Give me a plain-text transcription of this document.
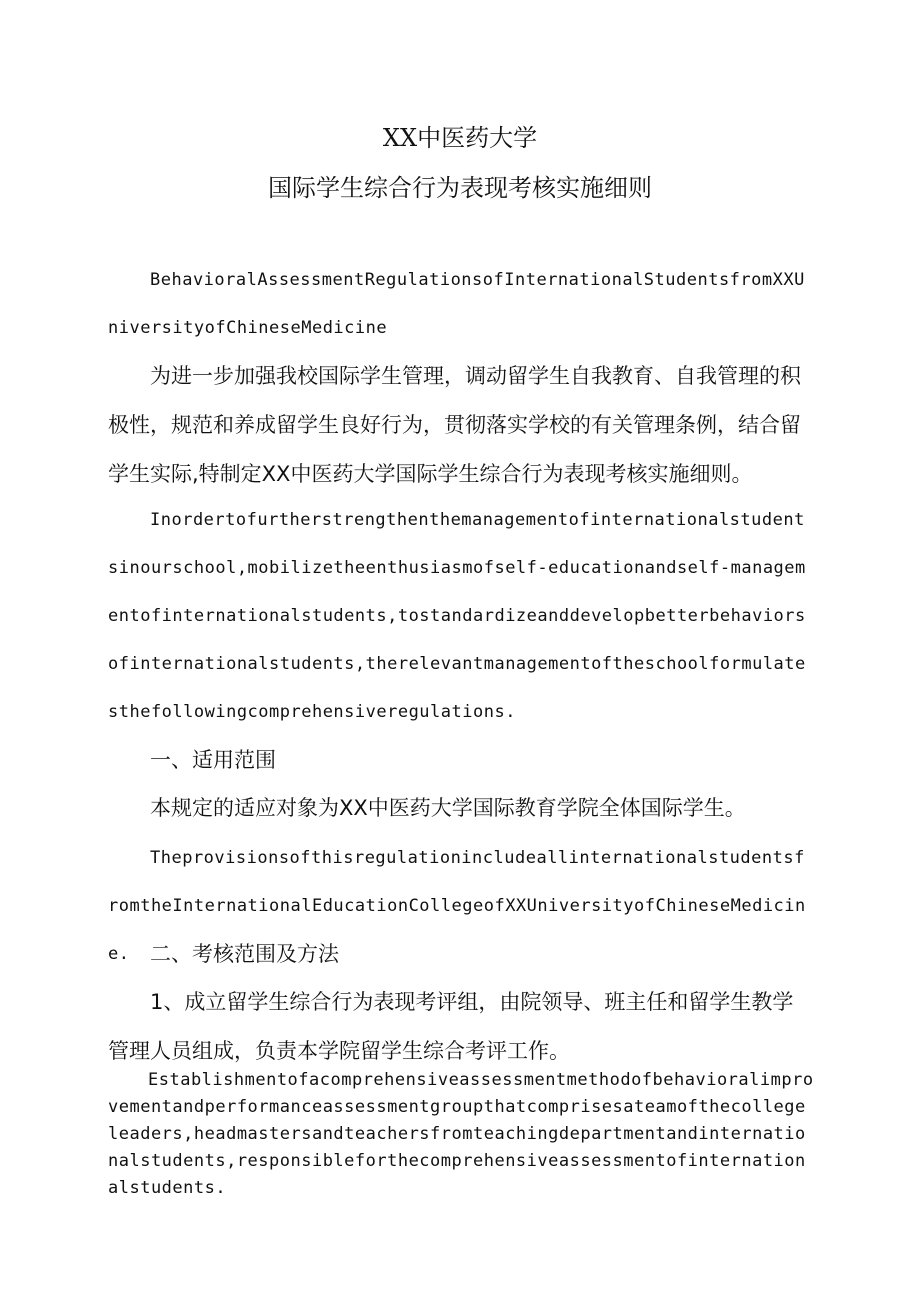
XX中医药大学
国际学生综合行为表现考核实施细则

BehavioralAssessmentRegulationsofInternationalStudentsfromXXUniversityofChineseMedicine

为进一步加强我校国际学生管理，调动留学生自我教育、自我管理的积极性，规范和养成留学生良好行为，贯彻落实学校的有关管理条例，结合留学生实际,特制定XX中医药大学国际学生综合行为表现考核实施细则。

Inordertofurtherstrengthenthemanagementofinternationalstudentsinourschool,mobilizetheenthusiasmofself-educationandself-managementofinternationalstudents,tostandardizeanddevelopbetterbehaviorsofinternationalstudents,therelevantmanagementoftheschoolformulatesthefollowingcomprehensiveregulations.

一、适用范围

本规定的适应对象为XX中医药大学国际教育学院全体国际学生。

TheprovisionsofthisregulationincludeallinternationalstudentsfromtheInternationalEducationCollegeofXXUniversityofChineseMedicine. 二、考核范围及方法

1、成立留学生综合行为表现考评组，由院领导、班主任和留学生教学管理人员组成，负责本学院留学生综合考评工作。

Establishmentofacomprehensiveassessmentmethodofbehavioralimprovementandperformanceassessmentgroupthatcomprisesateamofthecollegeleaders,headmastersandteachersfromteachingdepartmentandinternationalstudents,responsibleforthecomprehensiveassessmentofinternationalstudents.
